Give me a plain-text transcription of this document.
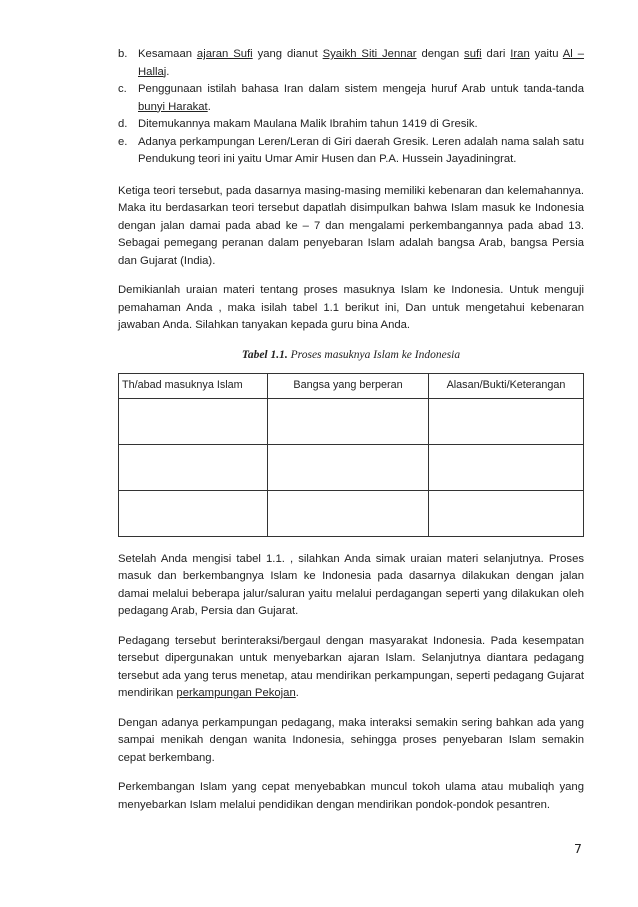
b. Kesamaan ajaran Sufi yang dianut Syaikh Siti Jennar dengan sufi dari Iran yaitu Al – Hallaj.
c. Penggunaan istilah bahasa Iran dalam sistem mengeja huruf Arab untuk tanda-tanda bunyi Harakat.
d. Ditemukannya makam Maulana Malik Ibrahim tahun 1419 di Gresik.
e. Adanya perkampungan Leren/Leran di Giri daerah Gresik. Leren adalah nama salah satu Pendukung teori ini yaitu Umar Amir Husen dan P.A. Hussein Jayadiningrat.

Ketiga teori tersebut, pada dasarnya masing-masing memiliki kebenaran dan kelemahannya. Maka itu berdasarkan teori tersebut dapatlah disimpulkan bahwa Islam masuk ke Indonesia dengan jalan damai pada abad ke – 7 dan mengalami perkembangannya pada abad 13. Sebagai pemegang peranan dalam penyebaran Islam adalah bangsa Arab, bangsa Persia dan Gujarat (India).

Demikianlah uraian materi tentang proses masuknya Islam ke Indonesia. Untuk menguji pemahaman Anda , maka isilah tabel 1.1 berikut ini, Dan untuk mengetahui kebenaran jawaban Anda. Silahkan tanyakan kepada guru bina Anda.

Tabel 1.1. Proses masuknya Islam ke Indonesia

Th/abad masuknya Islam	Bangsa yang berperan	Alasan/Bukti/Keterangan

Setelah Anda mengisi tabel 1.1. , silahkan Anda simak uraian materi selanjutnya. Proses masuk dan berkembangnya Islam ke Indonesia pada dasarnya dilakukan dengan jalan damai melalui beberapa jalur/saluran yaitu melalui perdagangan seperti yang dilakukan oleh pedagang Arab, Persia dan Gujarat.

Pedagang tersebut berinteraksi/bergaul dengan masyarakat Indonesia. Pada kesempatan tersebut dipergunakan untuk menyebarkan ajaran Islam. Selanjutnya diantara pedagang tersebut ada yang terus menetap, atau mendirikan perkampungan, seperti pedagang Gujarat mendirikan perkampungan Pekojan.

Dengan adanya perkampungan pedagang, maka interaksi semakin sering bahkan ada yang sampai menikah dengan wanita Indonesia, sehingga proses penyebaran Islam semakin cepat berkembang.

Perkembangan Islam yang cepat menyebabkan muncul tokoh ulama atau mubaliqh yang menyebarkan Islam melalui pendidikan dengan mendirikan pondok-pondok pesantren.

7
